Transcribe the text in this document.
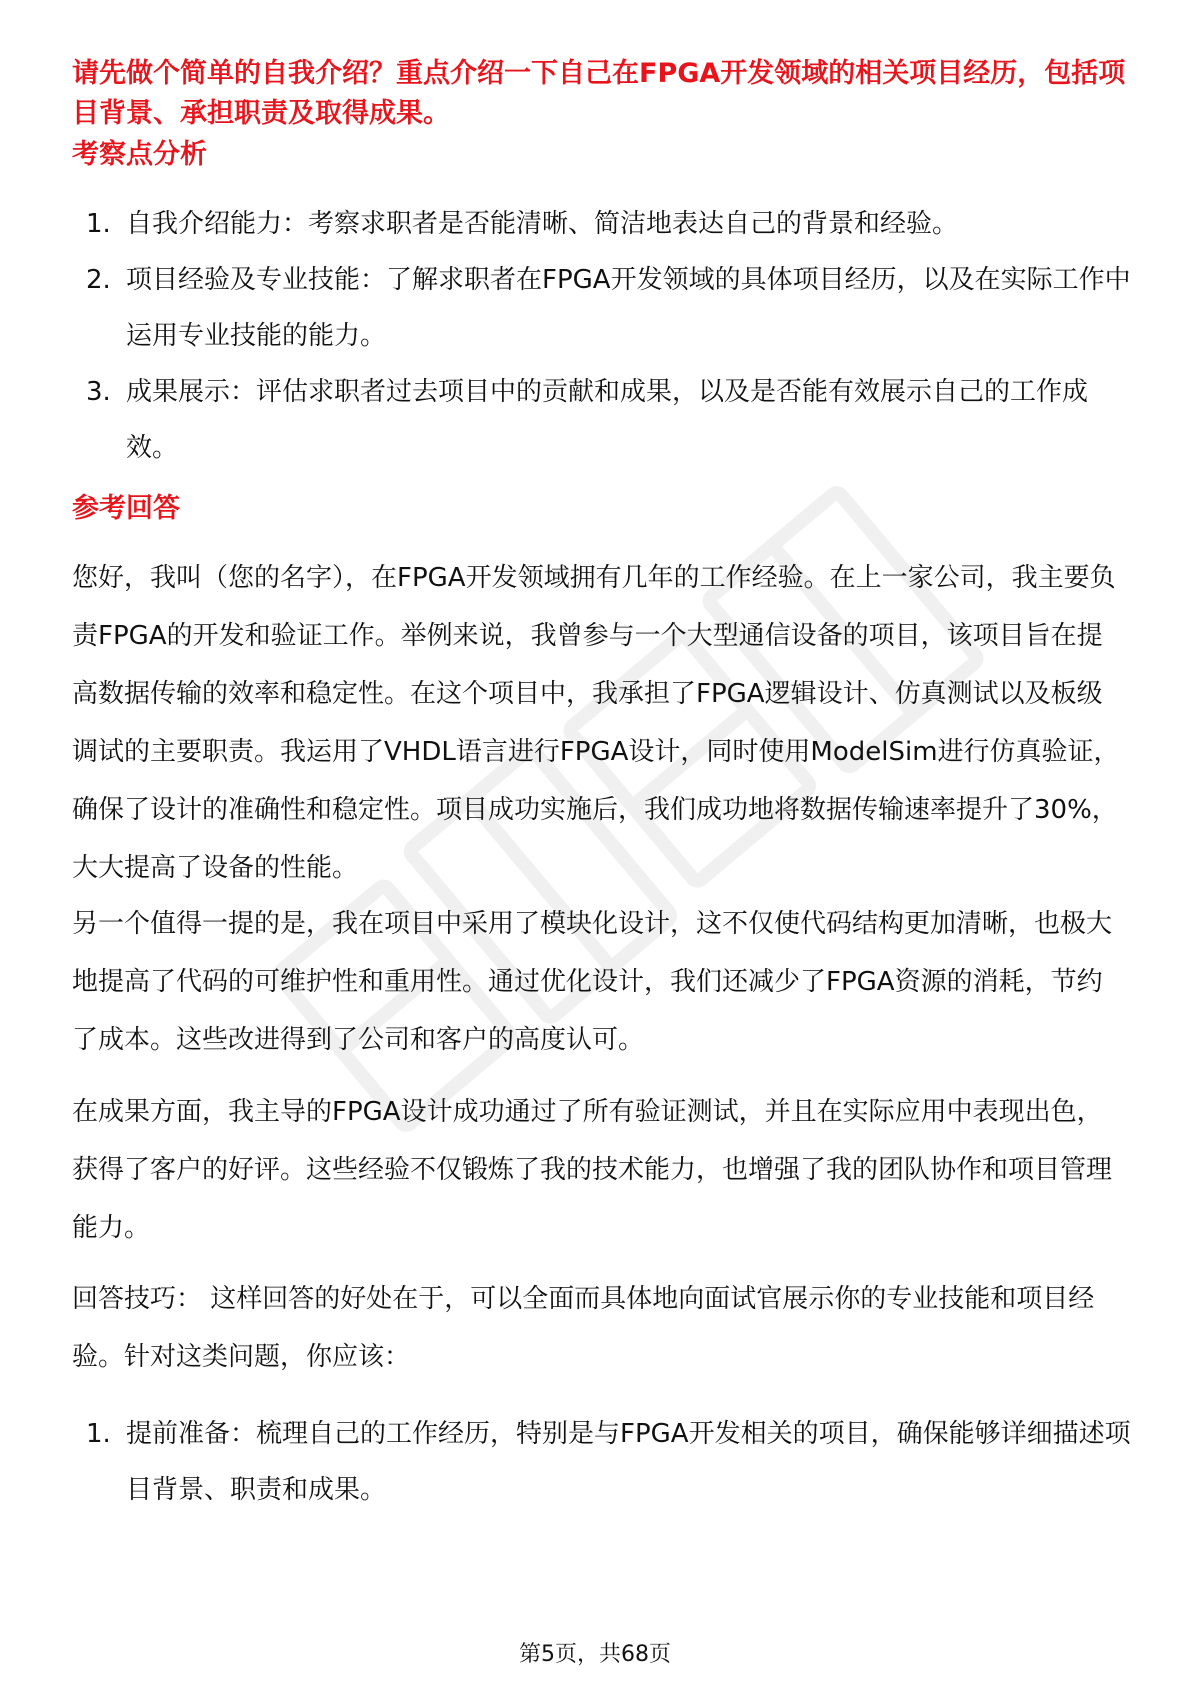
请先做个简单的自我介绍？重点介绍一下自己在FPGA开发领域的相关项目经历，包括项目背景、承担职责及取得成果。
考察点分析
1. 自我介绍能力：考察求职者是否能清晰、简洁地表达自己的背景和经验。
2. 项目经验及专业技能：了解求职者在FPGA开发领域的具体项目经历，以及在实际工作中运用专业技能的能力。
3. 成果展示：评估求职者过去项目中的贡献和成果，以及是否能有效展示自己的工作成效。
参考回答

您好，我叫（您的名字），在FPGA开发领域拥有几年的工作经验。在上一家公司，我主要负责FPGA的开发和验证工作。举例来说，我曾参与一个大型通信设备的项目，该项目旨在提高数据传输的效率和稳定性。在这个项目中，我承担了FPGA逻辑设计、仿真测试以及板级调试的主要职责。我运用了VHDL语言进行FPGA设计，同时使用ModelSim进行仿真验证，确保了设计的准确性和稳定性。项目成功实施后，我们成功地将数据传输速率提升了30%，大大提高了设备的性能。

另一个值得一提的是，我在项目中采用了模块化设计，这不仅使代码结构更加清晰，也极大地提高了代码的可维护性和重用性。通过优化设计，我们还减少了FPGA资源的消耗，节约了成本。这些改进得到了公司和客户的高度认可。

在成果方面，我主导的FPGA设计成功通过了所有验证测试，并且在实际应用中表现出色，获得了客户的好评。这些经验不仅锻炼了我的技术能力，也增强了我的团队协作和项目管理能力。

回答技巧： 这样回答的好处在于，可以全面而具体地向面试官展示你的专业技能和项目经验。针对这类问题，你应该：

1. 提前准备：梳理自己的工作经历，特别是与FPGA开发相关的项目，确保能够详细描述项目背景、职责和成果。
第5页，共68页
